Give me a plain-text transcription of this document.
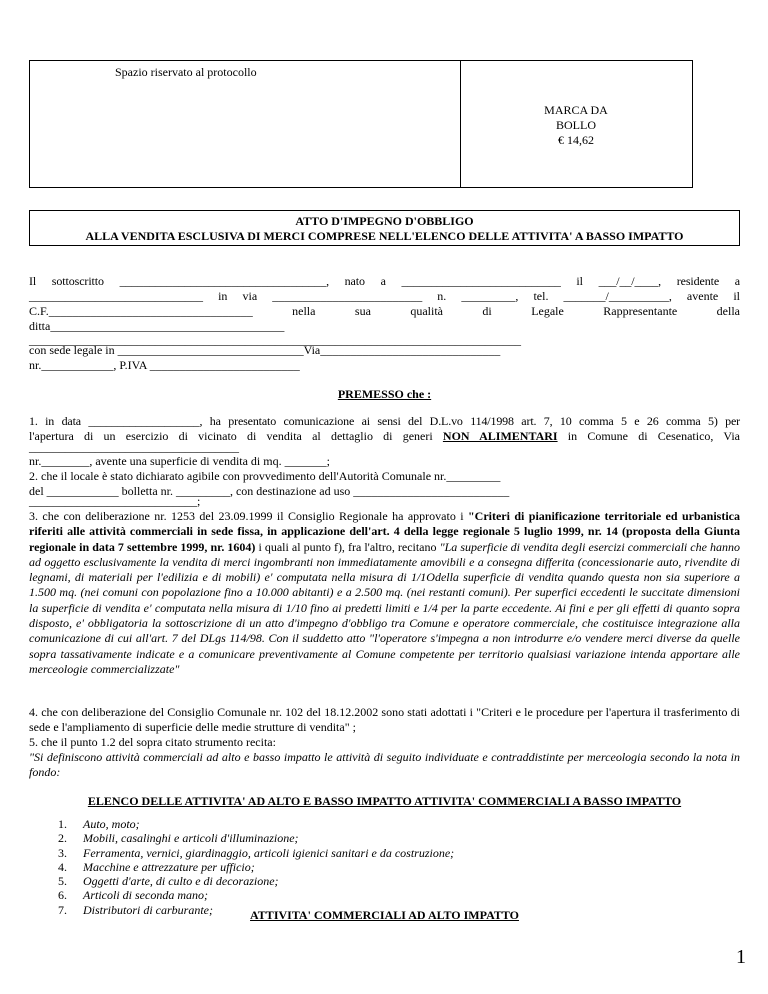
Spazio riservato al protocollo
MARCA DA
BOLLO
€ 14,62
ATTO D'IMPEGNO D'OBBLIGO
ALLA VENDITA ESCLUSIVA DI MERCI COMPRESE NELL'ELENCO DELLE ATTIVITA' A BASSO IMPATTO
Il sottoscritto ___________________________________, nato a ___________________________ il ___/__/____, residente a
_____________________________ in via _________________________ n. _________, tel. _______/__________, avente il
C.F.__________________________________ nella sua qualità di Legale Rappresentante della
ditta_______________________________________
__________________________________________________________________________________
con sede legale in _______________________________Via______________________________
nr.____________, P.IVA _________________________
PREMESSO che :
1. in data ___________________, ha presentato comunicazione ai sensi del D.L.vo 114/1998 art. 7, 10 comma 5 e 26 comma 5) per
l'apertura di un esercizio di vicinato di vendita al dettaglio di generi NON ALIMENTARI in Comune di Cesenatico, Via
___________________________________
nr.________, avente una superficie di vendita di mq. _______;
2. che il locale è stato dichiarato agibile con provvedimento dell'Autorità Comunale nr._________
del ____________ bolletta nr. _________, con destinazione ad uso __________________________
____________________________;
3. che con deliberazione nr. 1253 del 23.09.1999 il Consiglio Regionale ha approvato i "Criteri di pianificazione territoriale ed urbanistica riferiti alle attività commerciali in sede fissa, in applicazione dell'art. 4 della legge regionale 5 luglio 1999, nr. 14 (proposta della Giunta regionale in data 7 settembre 1999, nr. 1604) i quali al punto f), fra l'altro, recitano "La superficie di vendita degli esercizi commerciali che hanno ad oggetto esclusivamente la vendita di merci ingombranti non immediatamente amovibili e a consegna differita (concessionarie auto, rivendite di legnami, di materiali per l'edilizia e di mobili) e' computata nella misura di 1/1Odella superficie di vendita quando questa non sia superiore a 1.500 mq. (nei comuni con popolazione fino a 10.000 abitanti) e a 2.500 mq. (nei restanti comuni). Per superfici eccedenti le succitate dimensioni la superficie di vendita e' computata nella misura di 1/10 fino ai predetti limiti e 1/4 per la parte eccedente. Ai fini e per gli effetti di quanto sopra disposto, e' obbligatoria la sottoscrizione di un atto d'impegno d'obbligo tra Comune e operatore commerciale, che costituisce integrazione alla comunicazione di cui all'art. 7 del DLgs 114/98. Con il suddetto atto "l'operatore s'impegna a non introdurre e/o vendere merci diverse da quelle sopra tassativamente indicate e a comunicare preventivamente al Comune competente per territorio qualsiasi variazione intenda apportare alle merceologie commercializzate"
4. che con deliberazione del Consiglio Comunale nr. 102 del 18.12.2002 sono stati adottati i "Criteri e le procedure per l'apertura il trasferimento di sede e l'ampliamento di superficie delle medie strutture di vendita" ;
5. che il punto 1.2 del sopra citato strumento recita:
"Si definiscono attività commerciali ad alto e basso impatto le attività di seguito individuate e contraddistinte per merceologia secondo la nota in fondo:
ELENCO DELLE ATTIVITA' AD ALTO E BASSO IMPATTO ATTIVITA' COMMERCIALI A BASSO IMPATTO
1. Auto, moto;
2. Mobili, casalinghi e articoli d'illuminazione;
3. Ferramenta, vernici, giardinaggio, articoli igienici sanitari e da costruzione;
4. Macchine e attrezzature per ufficio;
5. Oggetti d'arte, di culto e di decorazione;
6. Articoli di seconda mano;
7. Distributori di carburante;	ATTIVITA' COMMERCIALI AD ALTO IMPATTO
1
